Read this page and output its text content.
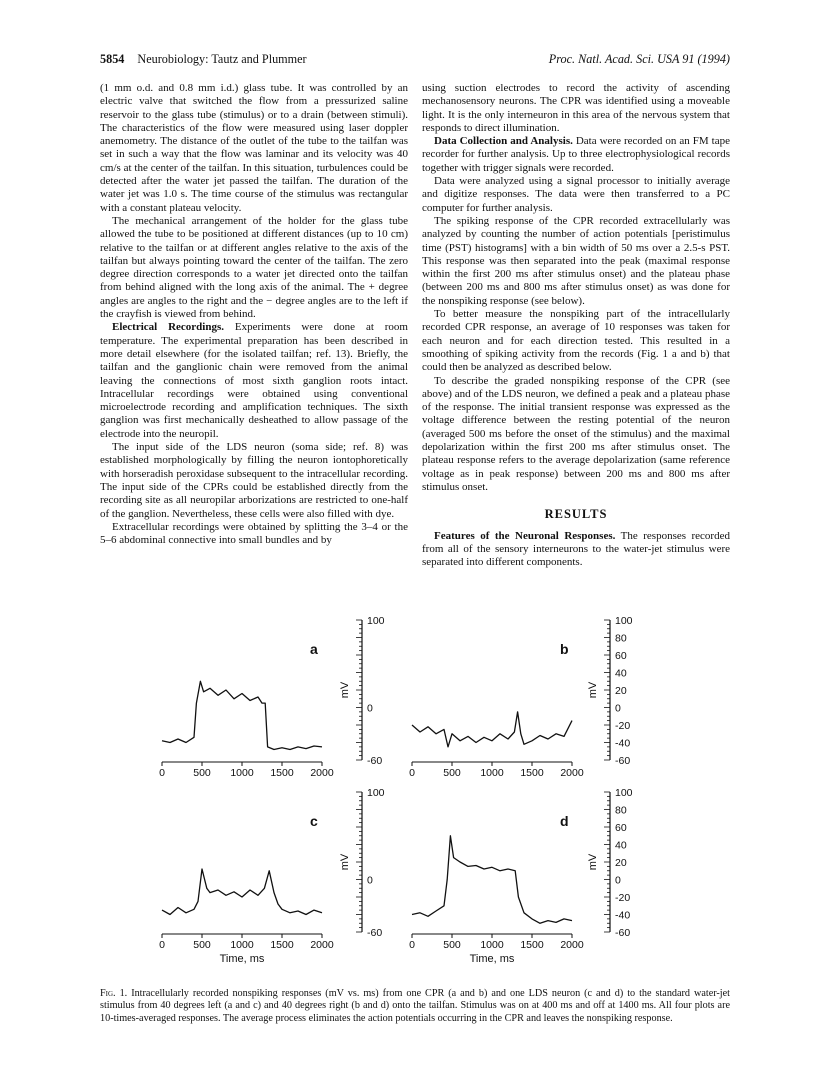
5854 Neurobiology: Tautz and Plummer	Proc. Natl. Acad. Sci. USA 91 (1994)

(1 mm o.d. and 0.8 mm i.d.) glass tube. It was controlled by an electric valve that switched the flow from a pressurized saline reservoir to the glass tube (stimulus) or to a drain (between stimuli). The characteristics of the flow were measured using laser doppler anemometry. The distance of the outlet of the tube to the tailfan was set in such a way that the flow was laminar and its velocity was 40 cm/s at the center of the tailfan. In this situation, turbulences could be detected after the water jet passed the tailfan. The duration of the water jet was 1.0 s. The time course of the stimulus was rectangular with a constant plateau velocity.

The mechanical arrangement of the holder for the glass tube allowed the tube to be positioned at different distances (up to 10 cm) relative to the tailfan or at different angles relative to the axis of the tailfan but always pointing toward the center of the tailfan. The zero degree direction corresponds to a water jet directed onto the tailfan from behind aligned with the long axis of the animal. The + degree angles are angles to the right and the − degree angles are to the left if the crayfish is viewed from behind.

Electrical Recordings. Experiments were done at room temperature. The experimental preparation has been described in more detail elsewhere (for the isolated tailfan; ref. 13). Briefly, the tailfan and the ganglionic chain were removed from the animal leaving the connections of most sixth ganglion roots intact. Intracellular recordings were obtained using conventional microelectrode recording and amplification techniques. The sixth ganglion was first mechanically desheathed to allow passage of the electrode into the neuropil.

The input side of the LDS neuron (soma side; ref. 8) was established morphologically by filling the neuron iontophoretically with horseradish peroxidase subsequent to the intracellular recording. The input side of the CPRs could be established directly from the recording site as all neuropilar arborizations are restricted to one-half of the ganglion. Nevertheless, these cells were also filled with dye.

Extracellular recordings were obtained by splitting the 3–4 or the 5–6 abdominal connective into small bundles and by

using suction electrodes to record the activity of ascending mechanosensory neurons. The CPR was identified using a moveable light. It is the only interneuron in this area of the nervous system that responds to direct illumination.

Data Collection and Analysis. Data were recorded on an FM tape recorder for further analysis. Up to three electrophysiological records together with trigger signals were recorded.

Data were analyzed using a signal processor to initially average and digitize responses. The data were then transferred to a PC computer for further analysis.

The spiking response of the CPR recorded extracellularly was analyzed by counting the number of action potentials [peristimulus time (PST) histograms] with a bin width of 50 ms over a 2.5-s PST. This response was then separated into the peak (maximal response within the first 200 ms after stimulus onset) and the plateau phase (between 200 ms and 800 ms after stimulus onset) as was done for the nonspiking response (see below).

To better measure the nonspiking part of the intracellularly recorded CPR response, an average of 10 responses was taken for each neuron and for each direction tested. This resulted in a smoothing of spiking activity from the records (Fig. 1 a and b) that could then be analyzed as described below.

To describe the graded nonspiking response of the CPR (see above) and of the LDS neuron, we defined a peak and a plateau phase of the response. The initial transient response was expressed as the voltage difference between the resting potential of the neuron (averaged 500 ms before the onset of the stimulus) and the maximal depolarization within the first 200 ms after stimulus onset. The plateau response refers to the average depolarization (same reference voltage as in peak response) between 200 ms and 800 ms after stimulus onset.

RESULTS

Features of the Neuronal Responses. The responses recorded from all of the sensory interneurons to the water-jet stimulus were separated into different components.

0	500 1000 1500 2000
-60
0
100
mV
a
0	500 1000 1500 2000
-60
-40
-20
0
20
40
60
80
100
mV
b
0	500 1000 1500 2000
Time, ms
-60
0
100
mV
c
0	500 1000 1500 2000
Time, ms
-60
-40
-20
0
20
40
60
80
100
mV
d
Fig. 1. Intracellularly recorded nonspiking responses (mV vs. ms) from one CPR (a and b) and one LDS neuron (c and d) to the standard water-jet stimulus from 40 degrees left (a and c) and 40 degrees right (b and d) onto the tailfan. Stimulus was on at 400 ms and off at 1400 ms. All four plots are 10-times-averaged responses. The average process eliminates the action potentials occurring in the CPR and leaves the nonspiking response.
